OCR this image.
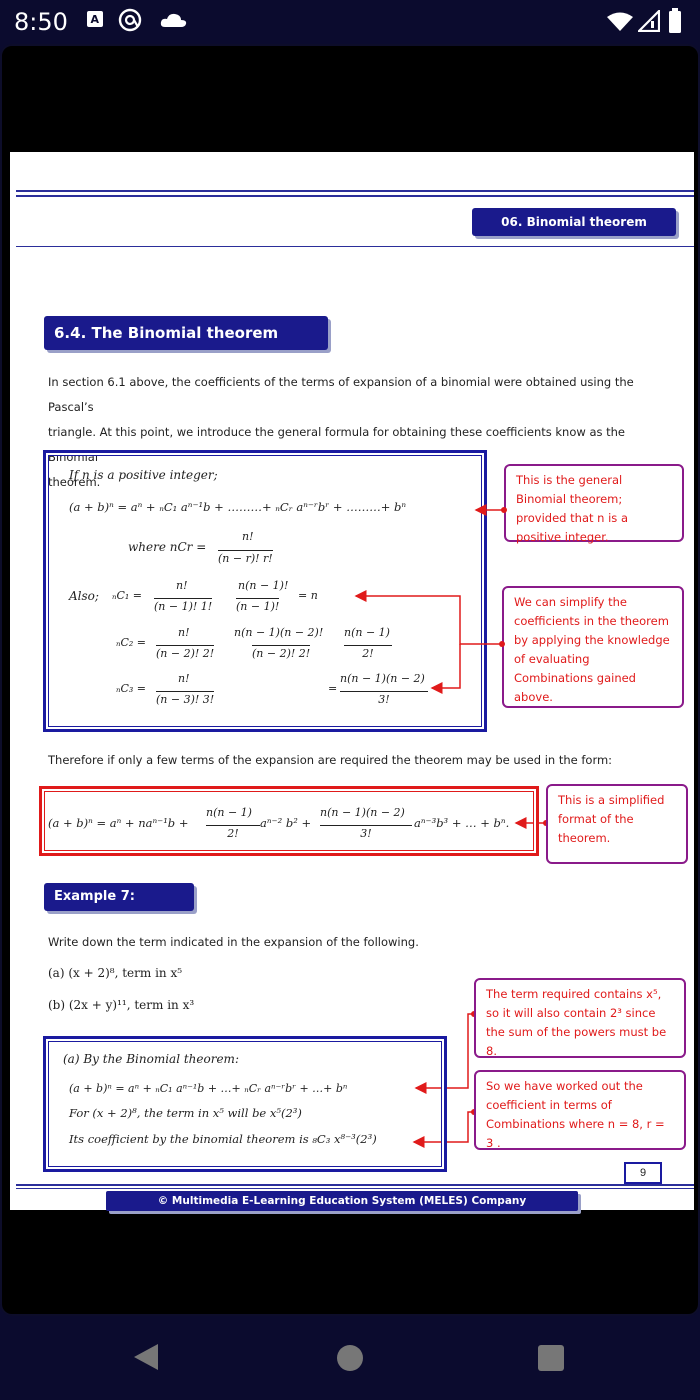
8:50 A
06. Binomial theorem
6.4. The Binomial theorem
In section 6.1 above, the coefficients of the terms of expansion of a binomial were obtained using the Pascal’s
triangle. At this point, we introduce the general formula for obtaining these coefficients know as the Binomial
theorem.
If n is a positive integer;
(a + b)ⁿ = aⁿ + ₙC₁ aⁿ⁻¹b + ………+ ₙCᵣ aⁿ⁻ʳbʳ + ………+ bⁿ
where nCr =
n!
(n − r)! r!
Also; ₙC₁ =
n!
(n − 1)! 1!
n(n − 1)!
(n − 1)!
= n
ₙC₂ =
n!
(n − 2)! 2!
n(n − 1)(n − 2)!
(n − 2)! 2!
n(n − 1)
2!
ₙC₃ =
n!
(n − 3)! 3!
n(n − 1)(n − 2)
3!
=
This is the general Binomial theorem; provided that n is a positive integer.
We can simplify the coefficients in the theorem by applying the knowledge of evaluating Combinations gained above.
Therefore if only a few terms of the expansion are required the theorem may be used in the form:
(a + b)ⁿ = aⁿ + naⁿ⁻¹b +
n(n − 1)
2!
aⁿ⁻² b² +
n(n − 1)(n − 2)
3!
aⁿ⁻³b³ + … + bⁿ.
This is a simplified format of the theorem.
Example 7:
Write down the term indicated in the expansion of the following.
(a) (x + 2)⁸, term in x⁵
(b) (2x + y)¹¹, term in x³
(a) By the Binomial theorem:
(a + b)ⁿ = aⁿ + ₙC₁ aⁿ⁻¹b + …+ ₙCᵣ aⁿ⁻ʳbʳ + …+ bⁿ
For (x + 2)⁸, the term in x⁵ will be x⁵(2³)
Its coefficient by the binomial theorem is ₈C₃ x⁸⁻³(2³)
The term required contains x⁵, so it will also contain 2³ since the sum of the powers must be 8.
So we have worked out the coefficient in terms of Combinations where n = 8, r = 3 .
9
© Multimedia E-Learning Education System (MELES) Company
